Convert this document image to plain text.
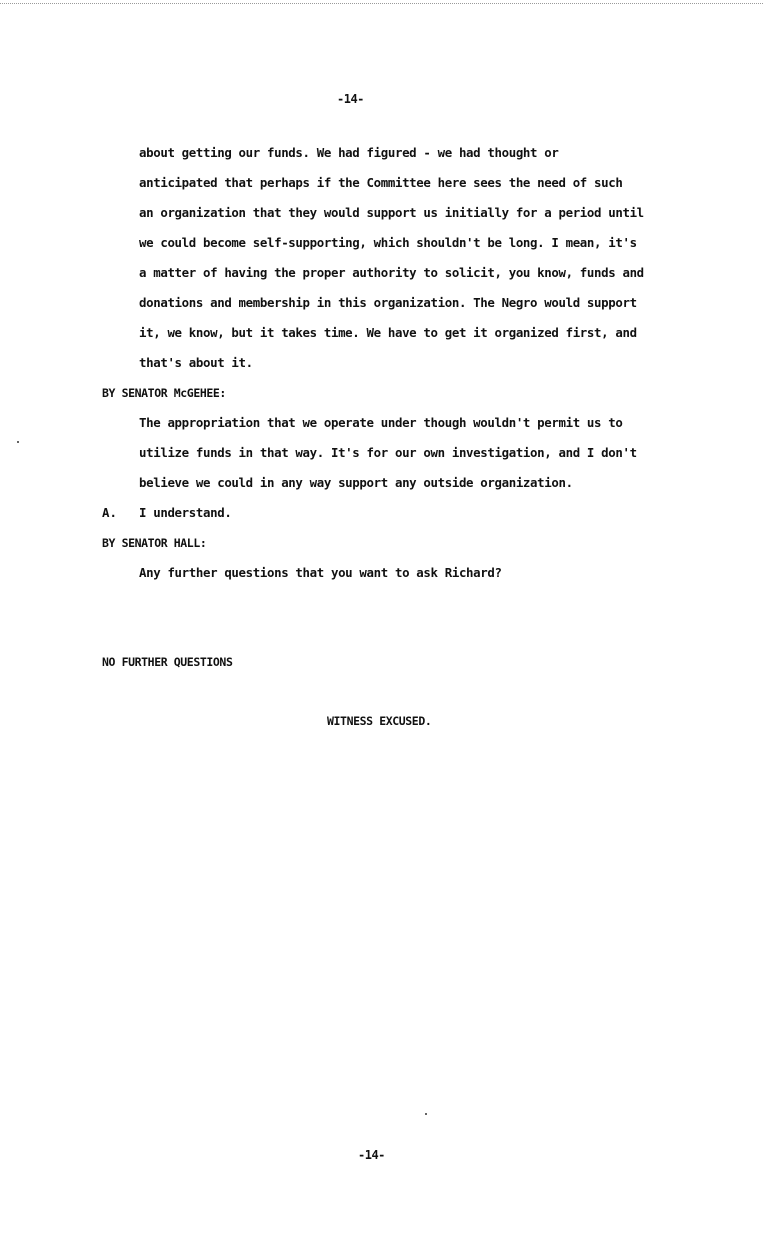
-14-
about getting our funds. We had figured - we had thought or
anticipated that perhaps if the Committee here sees the need of such
an organization that they would support us initially for a period until
we could become self-supporting, which shouldn't be long. I mean, it's
a matter of having the proper authority to solicit, you know, funds and
donations and membership in this organization. The Negro would support
it, we know, but it takes time. We have to get it organized first, and
that's about it.
BY SENATOR McGEHEE:
The appropriation that we operate under though wouldn't permit us to
utilize funds in that way. It's for our own investigation, and I don't
believe we could in any way support any outside organization.
A. I understand.
BY SENATOR HALL:
Any further questions that you want to ask Richard?
NO FURTHER QUESTIONS
WITNESS EXCUSED.
-14-
